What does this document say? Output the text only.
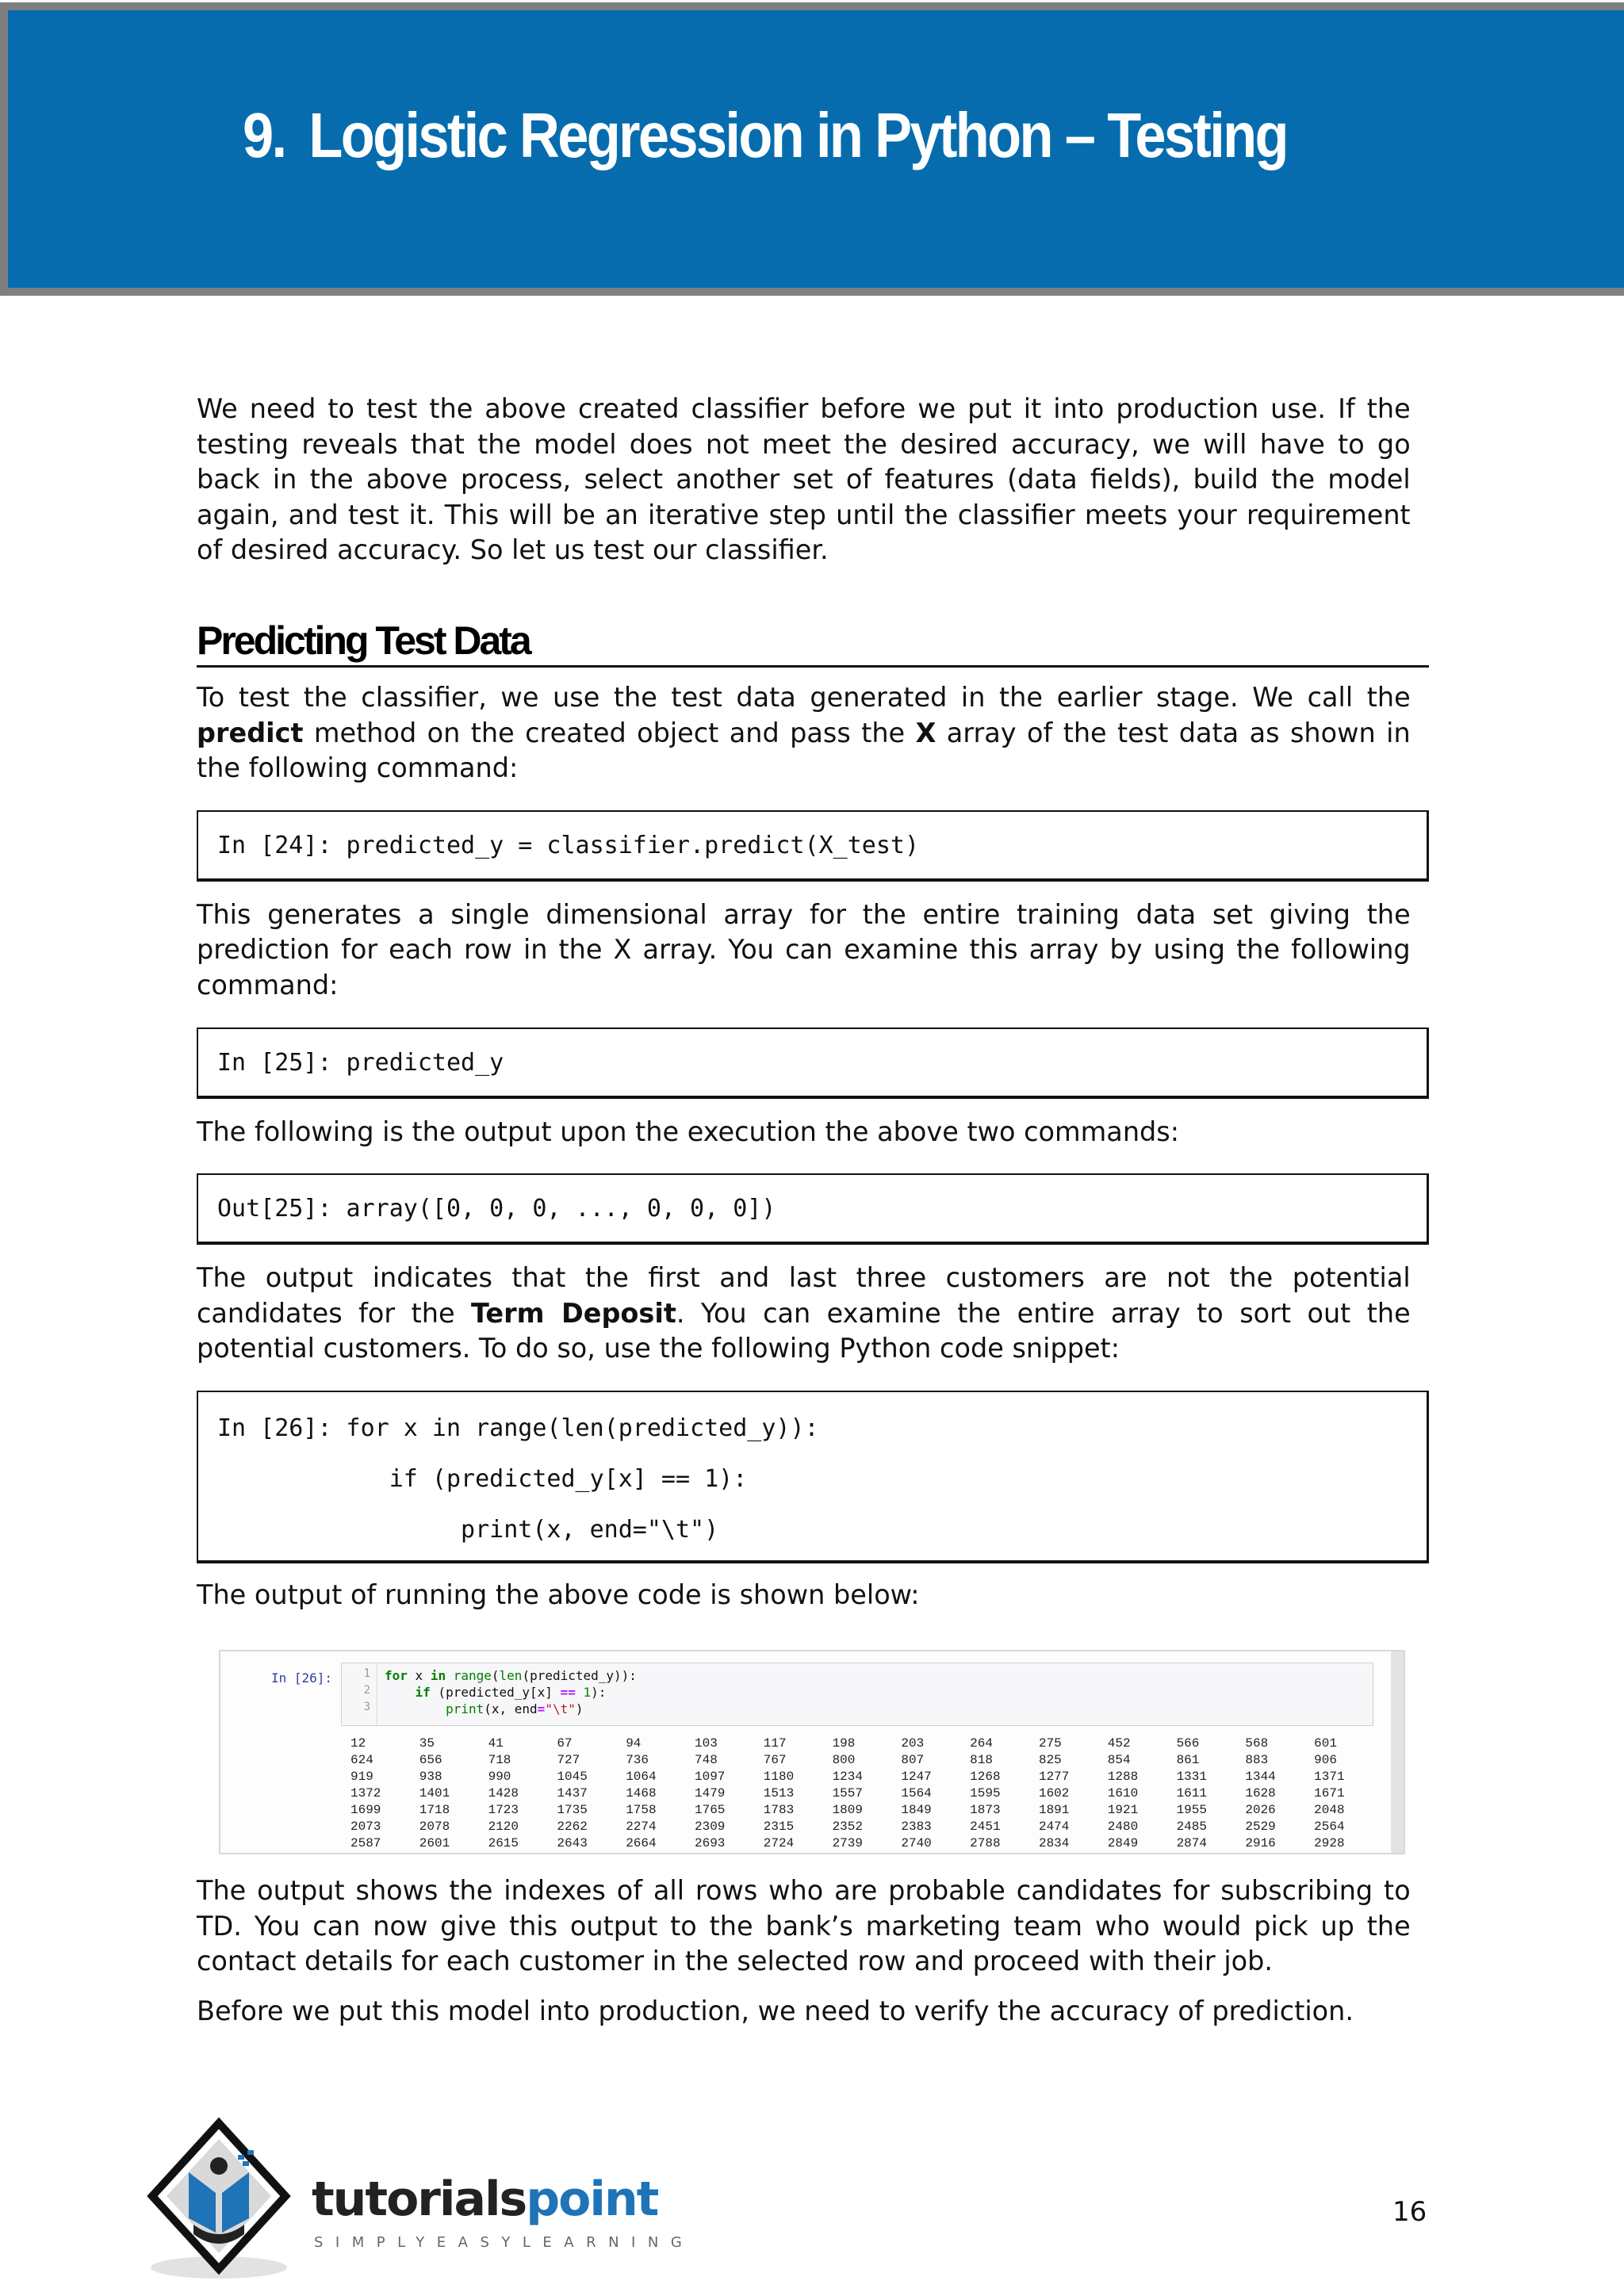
9. Logistic Regression in Python – Testing

We need to test the above created classifier before we put it into production use. If the testing reveals that the model does not meet the desired accuracy, we will have to go back in the above process, select another set of features (data fields), build the model again, and test it. This will be an iterative step until the classifier meets your requirement of desired accuracy. So let us test our classifier.

Predicting Test Data

To test the classifier, we use the test data generated in the earlier stage. We call the predict method on the created object and pass the X array of the test data as shown in the following command:

In [24]: predicted_y = classifier.predict(X_test)

This generates a single dimensional array for the entire training data set giving the prediction for each row in the X array. You can examine this array by using the following command:

In [25]: predicted_y

The following is the output upon the execution the above two commands:

Out[25]: array([0, 0, 0, ..., 0, 0, 0])

The output indicates that the first and last three customers are not the potential candidates for the Term Deposit. You can examine the entire array to sort out the potential customers. To do so, use the following Python code snippet:

In [26]: for x in range(len(predicted_y)):
if (predicted_y[x] == 1):
print(x, end="\t")

The output of running the above code is shown below:

In [26]:	1
2
3
for x in range(len(predicted_y)):
if (predicted_y[x] == 1):
print(x, end="\t")
12	35	41	67	94	103	117	198	203	264	275	452	566	568	601
624	656	718	727	736	748	767	800	807	818	825	854	861	883	906
919	938	990	1045	1064	1097	1180	1234	1247	1268	1277	1288	1331	1344	1371
1372	1401	1428	1437	1468	1479	1513	1557	1564	1595	1602	1610	1611	1628	1671
1699	1718	1723	1735	1758	1765	1783	1809	1849	1873	1891	1921	1955	2026	2048
2073	2078	2120	2262	2274	2309	2315	2352	2383	2451	2474	2480	2485	2529	2564
2587	2601	2615	2643	2664	2693	2724	2739	2740	2788	2834	2849	2874	2916	2928

The output shows the indexes of all rows who are probable candidates for subscribing to TD. You can now give this output to the bank’s marketing team who would pick up the contact details for each customer in the selected row and proceed with their job.

Before we put this model into production, we need to verify the accuracy of prediction.

tutorialspoint
SIMPLYEASYLEARNING
16
